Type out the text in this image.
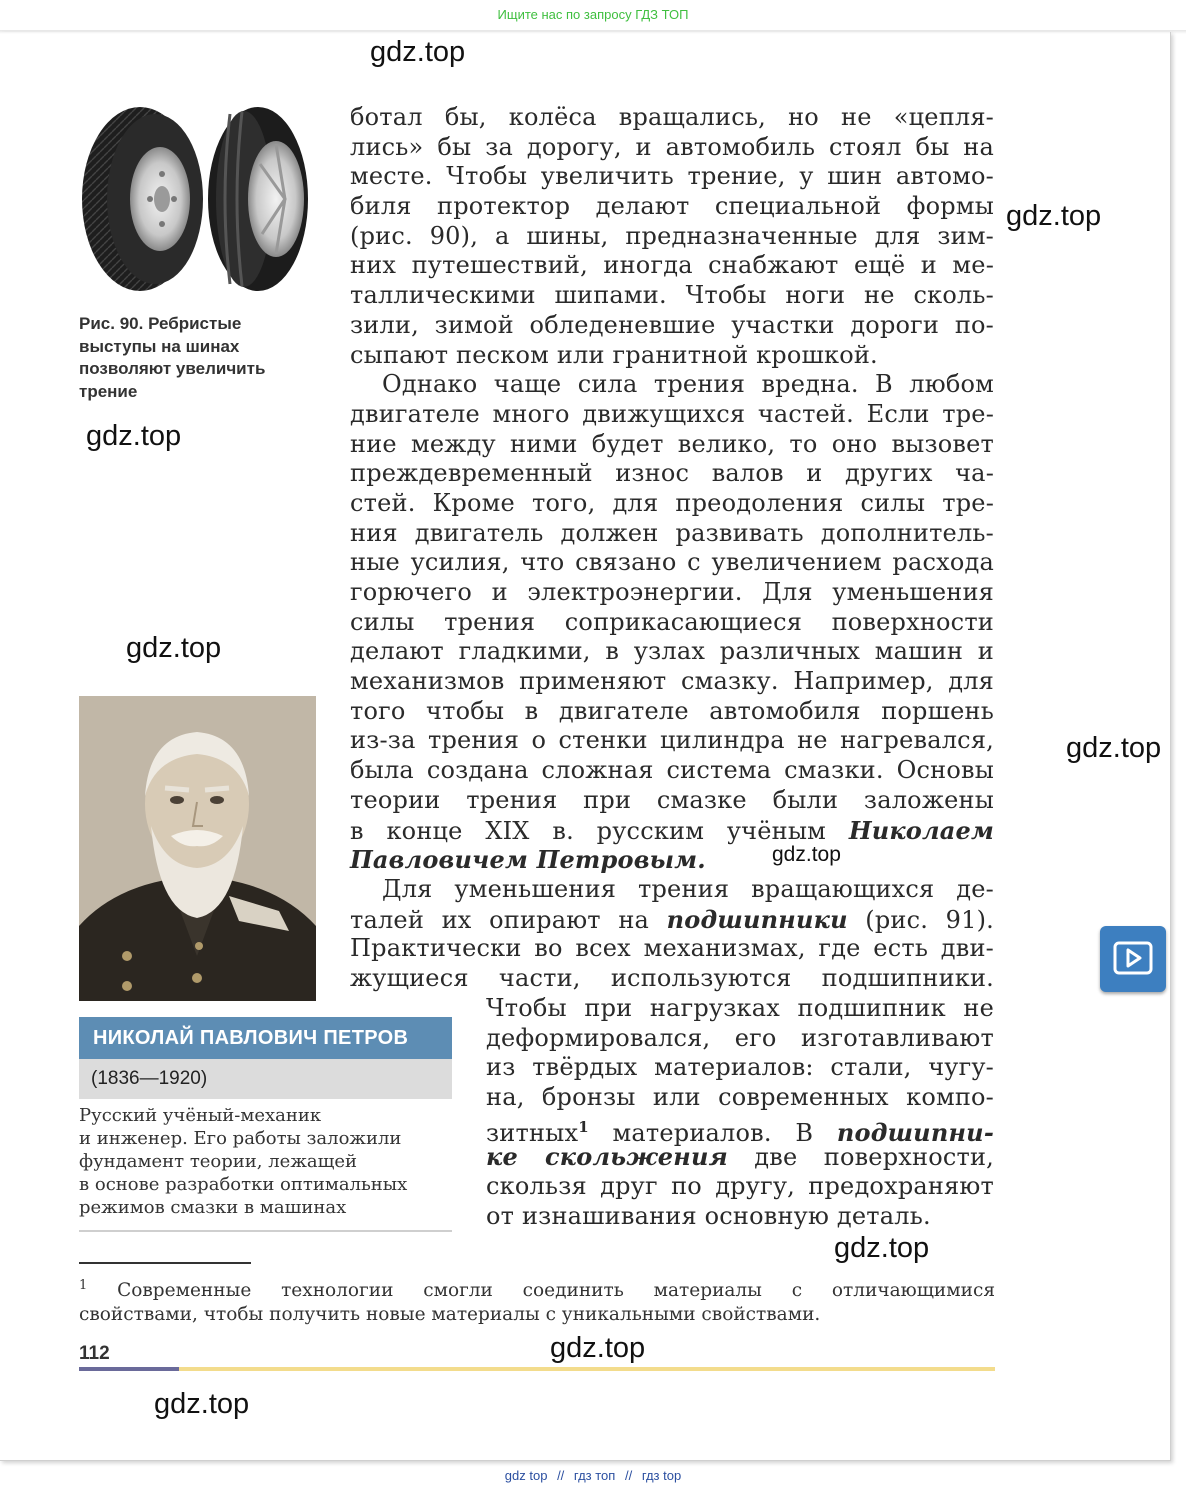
Ищите нас по запросу ГДЗ ТОП
gdz.top
gdz.top
gdz.top
gdz.top
gdz.top
gdz.top
gdz.top
gdz.top
gdz.top
Рис. 90. Ребристые
выступы на шинах
позволяют увеличить
трение
НИКОЛАЙ ПАВЛОВИЧ ПЕТРОВ
(1836—1920)
Русский учёный-механик
и инженер. Его работы заложили
фундамент теории, лежащей
в основе разработки оптимальных
режимов смазки в машинах
ботал бы, колёса вращались, но не «цепля-
лись» бы за дорогу, и автомобиль стоял бы на
месте. Чтобы увеличить трение, у шин автомо-
биля протектор делают специальной формы
(рис. 90), а шины, предназначенные для зим-
них путешествий, иногда снабжают ещё и ме-
таллическими шипами. Чтобы ноги не сколь-
зили, зимой обледеневшие участки дороги по-
сыпают песком или гранитной крошкой.
Однако чаще сила трения вредна. В любом
двигателе много движущихся частей. Если тре-
ние между ними будет велико, то оно вызовет
преждевременный износ валов и других ча-
стей. Кроме того, для преодоления силы тре-
ния двигатель должен развивать дополнитель-
ные усилия, что связано с увеличением расхода
горючего и электроэнергии. Для уменьшения
силы трения соприкасающиеся поверхности
делают гладкими, в узлах различных машин и
механизмов применяют смазку. Например, для
того чтобы в двигателе автомобиля поршень
из-за трения о стенки цилиндра не нагревался,
была создана сложная система смазки. Основы
теории трения при смазке были заложены
в конце XIX в. русским учёным Николаем
Павловичем Петровым.
Для уменьшения трения вращающихся де-
талей их опирают на подшипники (рис. 91).
Практически во всех механизмах, где есть дви-
жущиеся части, используются подшипники.
Чтобы при нагрузках подшипник не
деформировался, его изготавливают
из твёрдых материалов: стали, чугу-
на, бронзы или современных компо-
зитных$^1$ материалов. В подшипни-
ке скольжения две поверхности,
скользя друг по другу, предохраняют
от изнашивания основную деталь.
$^1$ Современные технологии смогли соединить материалы с отличающимися
свойствами, чтобы получить новые материалы с уникальными свойствами.
112
gdz top // гдз топ // гдз top
